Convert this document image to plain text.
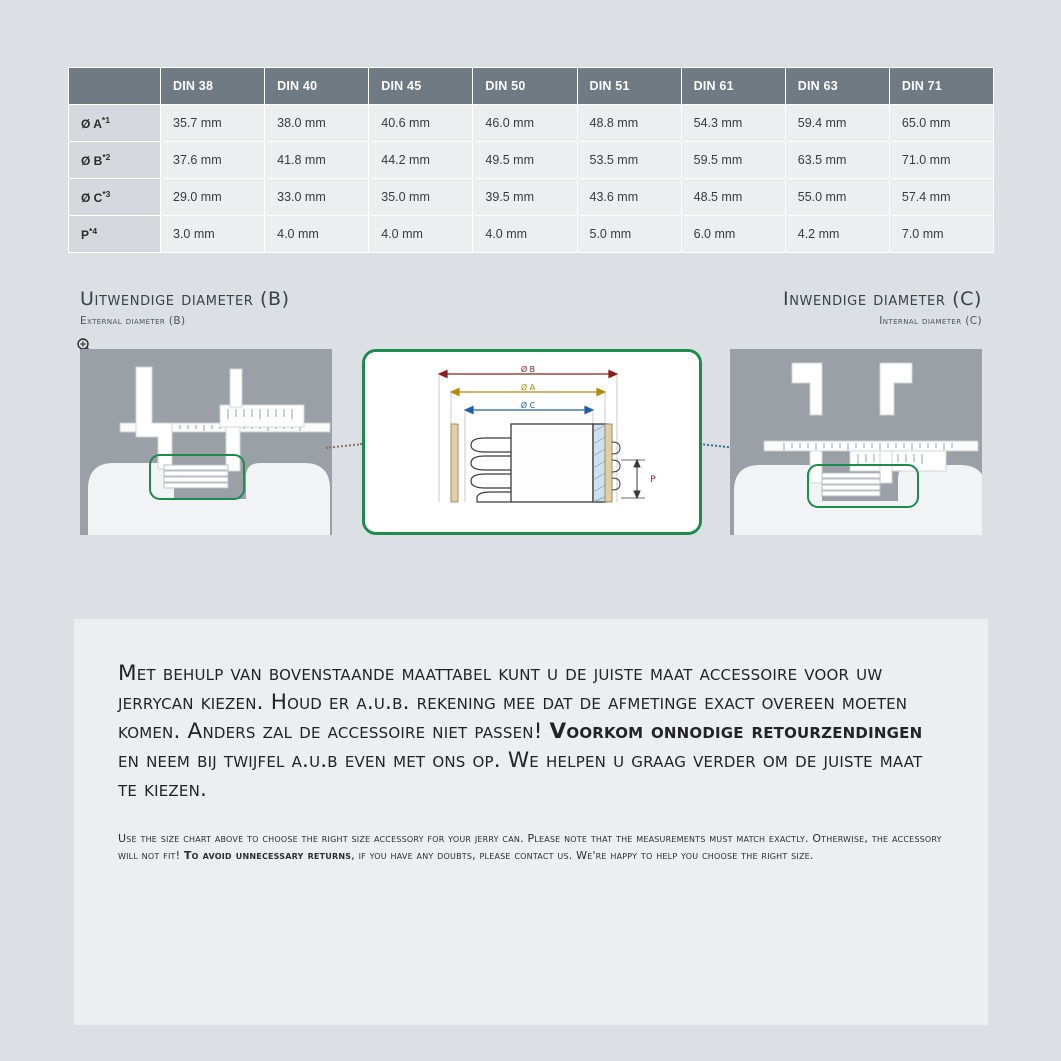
	DIN 38	DIN 40	DIN 45	DIN 50	DIN 51	DIN 61	DIN 63	DIN 71
Ø $A^{*1}$	35.7 mm	38.0 mm	40.6 mm	46.0 mm	48.8 mm	54.3 mm	59.4 mm	65.0 mm
Ø $B^{*2}$	37.6 mm	41.8 mm	44.2 mm	49.5 mm	53.5 mm	59.5 mm	63.5 mm	71.0 mm
Ø $C^{*3}$	29.0 mm	33.0 mm	35.0 mm	39.5 mm	43.6 mm	48.5 mm	55.0 mm	57.4 mm
$P^{*4}$	3.0 mm	4.0 mm	4.0 mm	4.0 mm	5.0 mm	6.0 mm	4.2 mm	7.0 mm
Uitwendige diameter (B)
External diameter (B)
Inwendige diameter (C)
Internal diameter (C)
Ø B
Ø A
Ø C
P

Met behulp van bovenstaande maattabel kunt u de juiste maat accessoire voor uw jerrycan kiezen. Houd er a.u.b. rekening mee dat de afmetinge exact overeen moeten komen. Anders zal de accessoire niet passen! Voorkom onnodige retourzendingen en neem bij twijfel a.u.b even met ons op. We helpen u graag verder om de juiste maat te kiezen.

Use the size chart above to choose the right size accessory for your jerry can. Please note that the measurements must match exactly. Otherwise, the accessory will not fit! To avoid unnecessary returns, if you have any doubts, please contact us. We're happy to help you choose the right size.
